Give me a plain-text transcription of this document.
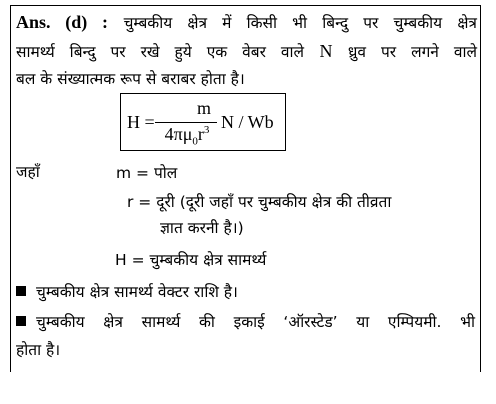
Ans. (d) : चुम्बकीय क्षेत्र में किसी भी बिन्दु पर चुम्बकीय क्षेत्र
सामर्थ्य बिन्दु पर रखे हुये एक वेबर वाले N ध्रुव पर लगने वाले
बल के संख्यात्मक रूप से बराबर होता है।
H =
m
$4\pi\mu_0r^3$ N / Wb
जहाँ	m = पोल
r = दूरी (दूरी जहाँ पर चुम्बकीय क्षेत्र की तीव्रता
ज्ञात करनी है।)
H = चुम्बकीय क्षेत्र सामर्थ्य
चुम्बकीय क्षेत्र सामर्थ्य वेक्टर राशि है।
चुम्बकीय क्षेत्र सामर्थ्य की इकाई ‘ऑरस्टेड’ या एम्पियमी. भी
होता है।
